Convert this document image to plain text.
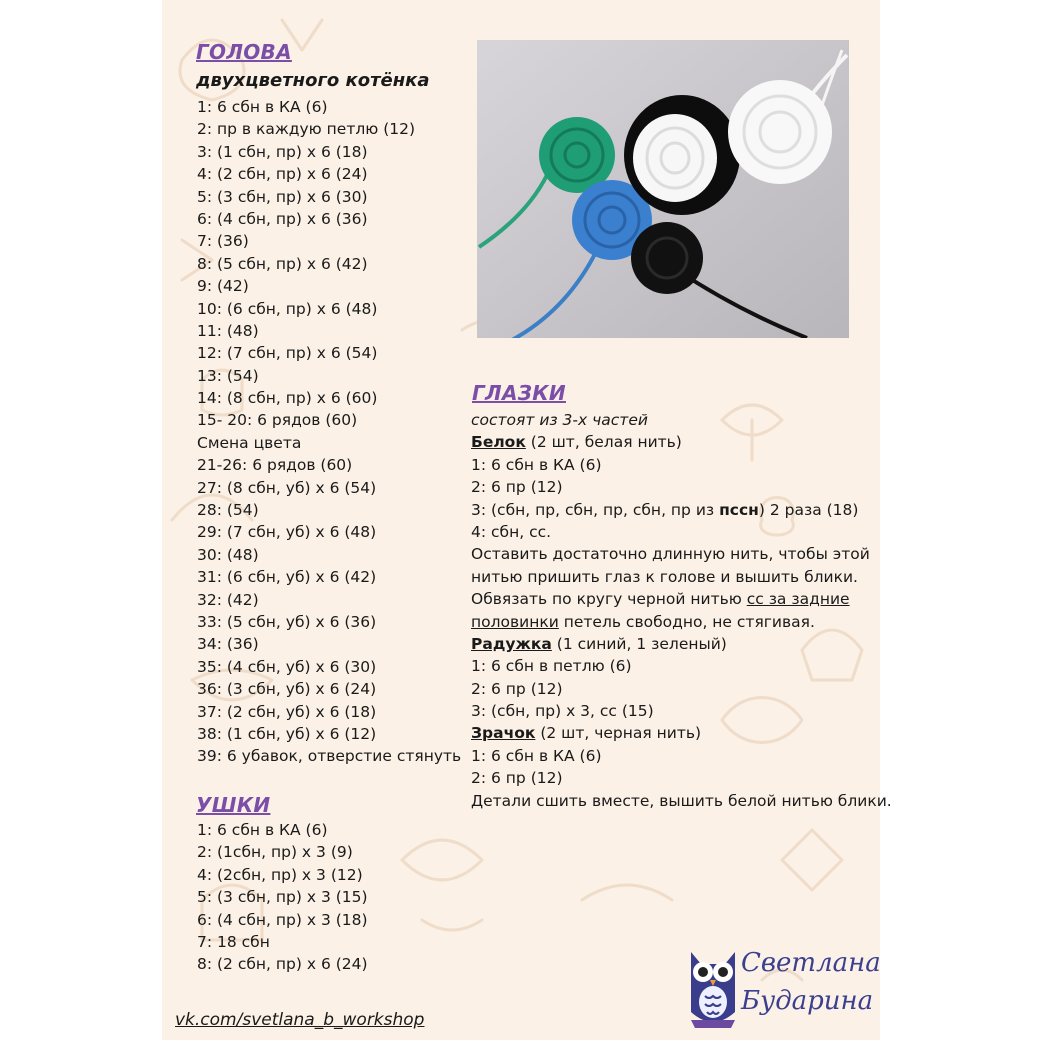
ГОЛОВА
двухцветного котёнка
1: 6 сбн в КА (6)
2: пр в каждую петлю (12)
3: (1 сбн, пр) х 6 (18)
4: (2 сбн, пр) х 6 (24)
5: (3 сбн, пр) х 6 (30)
6: (4 сбн, пр) х 6 (36)
7: (36)
8: (5 сбн, пр) х 6 (42)
9: (42)
10: (6 сбн, пр) х 6 (48)
11: (48)
12: (7 сбн, пр) х 6 (54)
13: (54)
14: (8 сбн, пр) х 6 (60)
15- 20: 6 рядов (60)
Смена цвета
21-26: 6 рядов (60)
27: (8 сбн, уб) х 6 (54)
28: (54)
29: (7 сбн, уб) х 6 (48)
30: (48)
31: (6 сбн, уб) х 6 (42)
32: (42)
33: (5 сбн, уб) х 6 (36)
34: (36)
35: (4 сбн, уб) х 6 (30)
36: (3 сбн, уб) х 6 (24)
37: (2 сбн, уб) х 6 (18)
38: (1 сбн, уб) х 6 (12)
39: 6 убавок, отверстие стянуть
УШКИ
1: 6 сбн в КА (6)
2: (1сбн, пр) х 3 (9)
4: (2сбн, пр) х 3 (12)
5: (3 сбн, пр) х 3 (15)
6: (4 сбн, пр) х 3 (18)
7: 18 сбн
8: (2 сбн, пр) х 6 (24)
ГЛАЗКИ
состоят из 3-х частей
Белок (2 шт, белая нить)
1: 6 сбн в КА (6)
2: 6 пр (12)
3: (сбн, пр, сбн, пр, сбн, пр из пссн) 2 раза (18)
4: сбн, сс.
Оставить достаточно длинную нить, чтобы этой
нитью пришить глаз к голове и вышить блики.
Обвязать по кругу черной нитью сс за задние
половинки петель свободно, не стягивая.
Радужка (1 синий, 1 зеленый)
1: 6 сбн в петлю (6)
2: 6 пр (12)
3: (сбн, пр) х 3, сс (15)
Зрачок (2 шт, черная нить)
1: 6 сбн в КА (6)
2: 6 пр (12)
Детали сшить вместе, вышить белой нитью блики.
vk.com/svetlana_b_workshop
Светлана
Бударина
